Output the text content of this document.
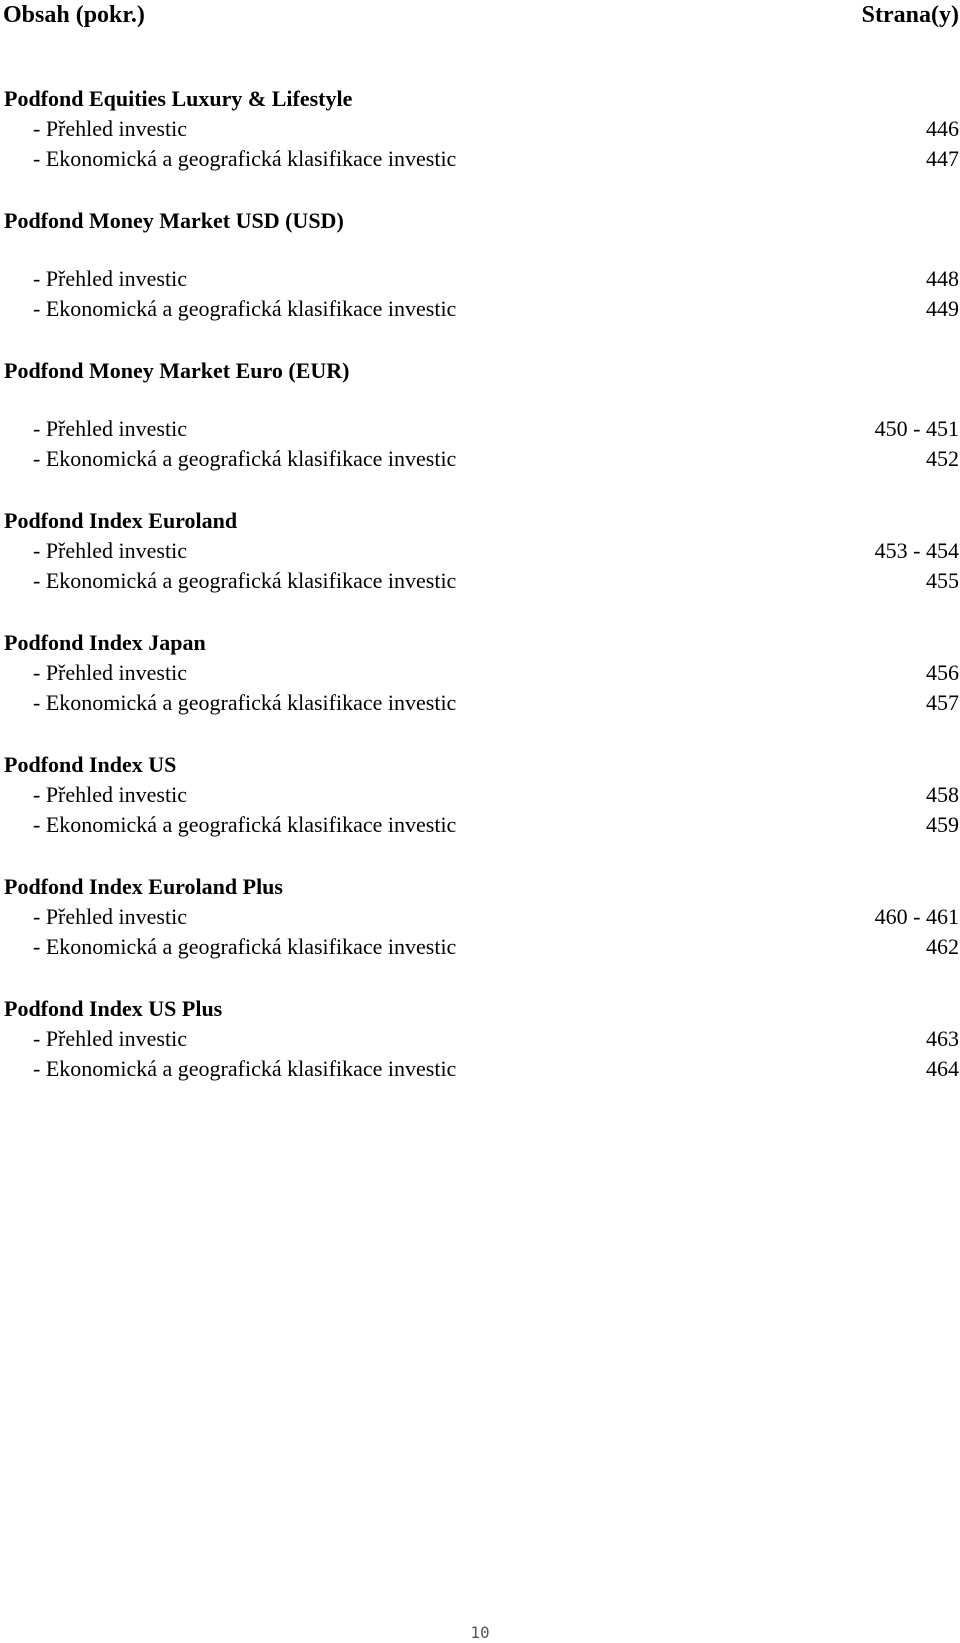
Obsah (pokr.)	Strana(y)
Podfond Equities Luxury & Lifestyle
- Přehled investic	446
- Ekonomická a geografická klasifikace investic	447
Podfond Money Market USD (USD)
- Přehled investic	448
- Ekonomická a geografická klasifikace investic	449
Podfond Money Market Euro (EUR)
- Přehled investic	450 - 451
- Ekonomická a geografická klasifikace investic	452
Podfond Index Euroland
- Přehled investic	453 - 454
- Ekonomická a geografická klasifikace investic	455
Podfond Index Japan
- Přehled investic	456
- Ekonomická a geografická klasifikace investic	457
Podfond Index US
- Přehled investic	458
- Ekonomická a geografická klasifikace investic	459
Podfond Index Euroland Plus
- Přehled investic	460 - 461
- Ekonomická a geografická klasifikace investic	462
Podfond Index US Plus
- Přehled investic	463
- Ekonomická a geografická klasifikace investic	464
10
